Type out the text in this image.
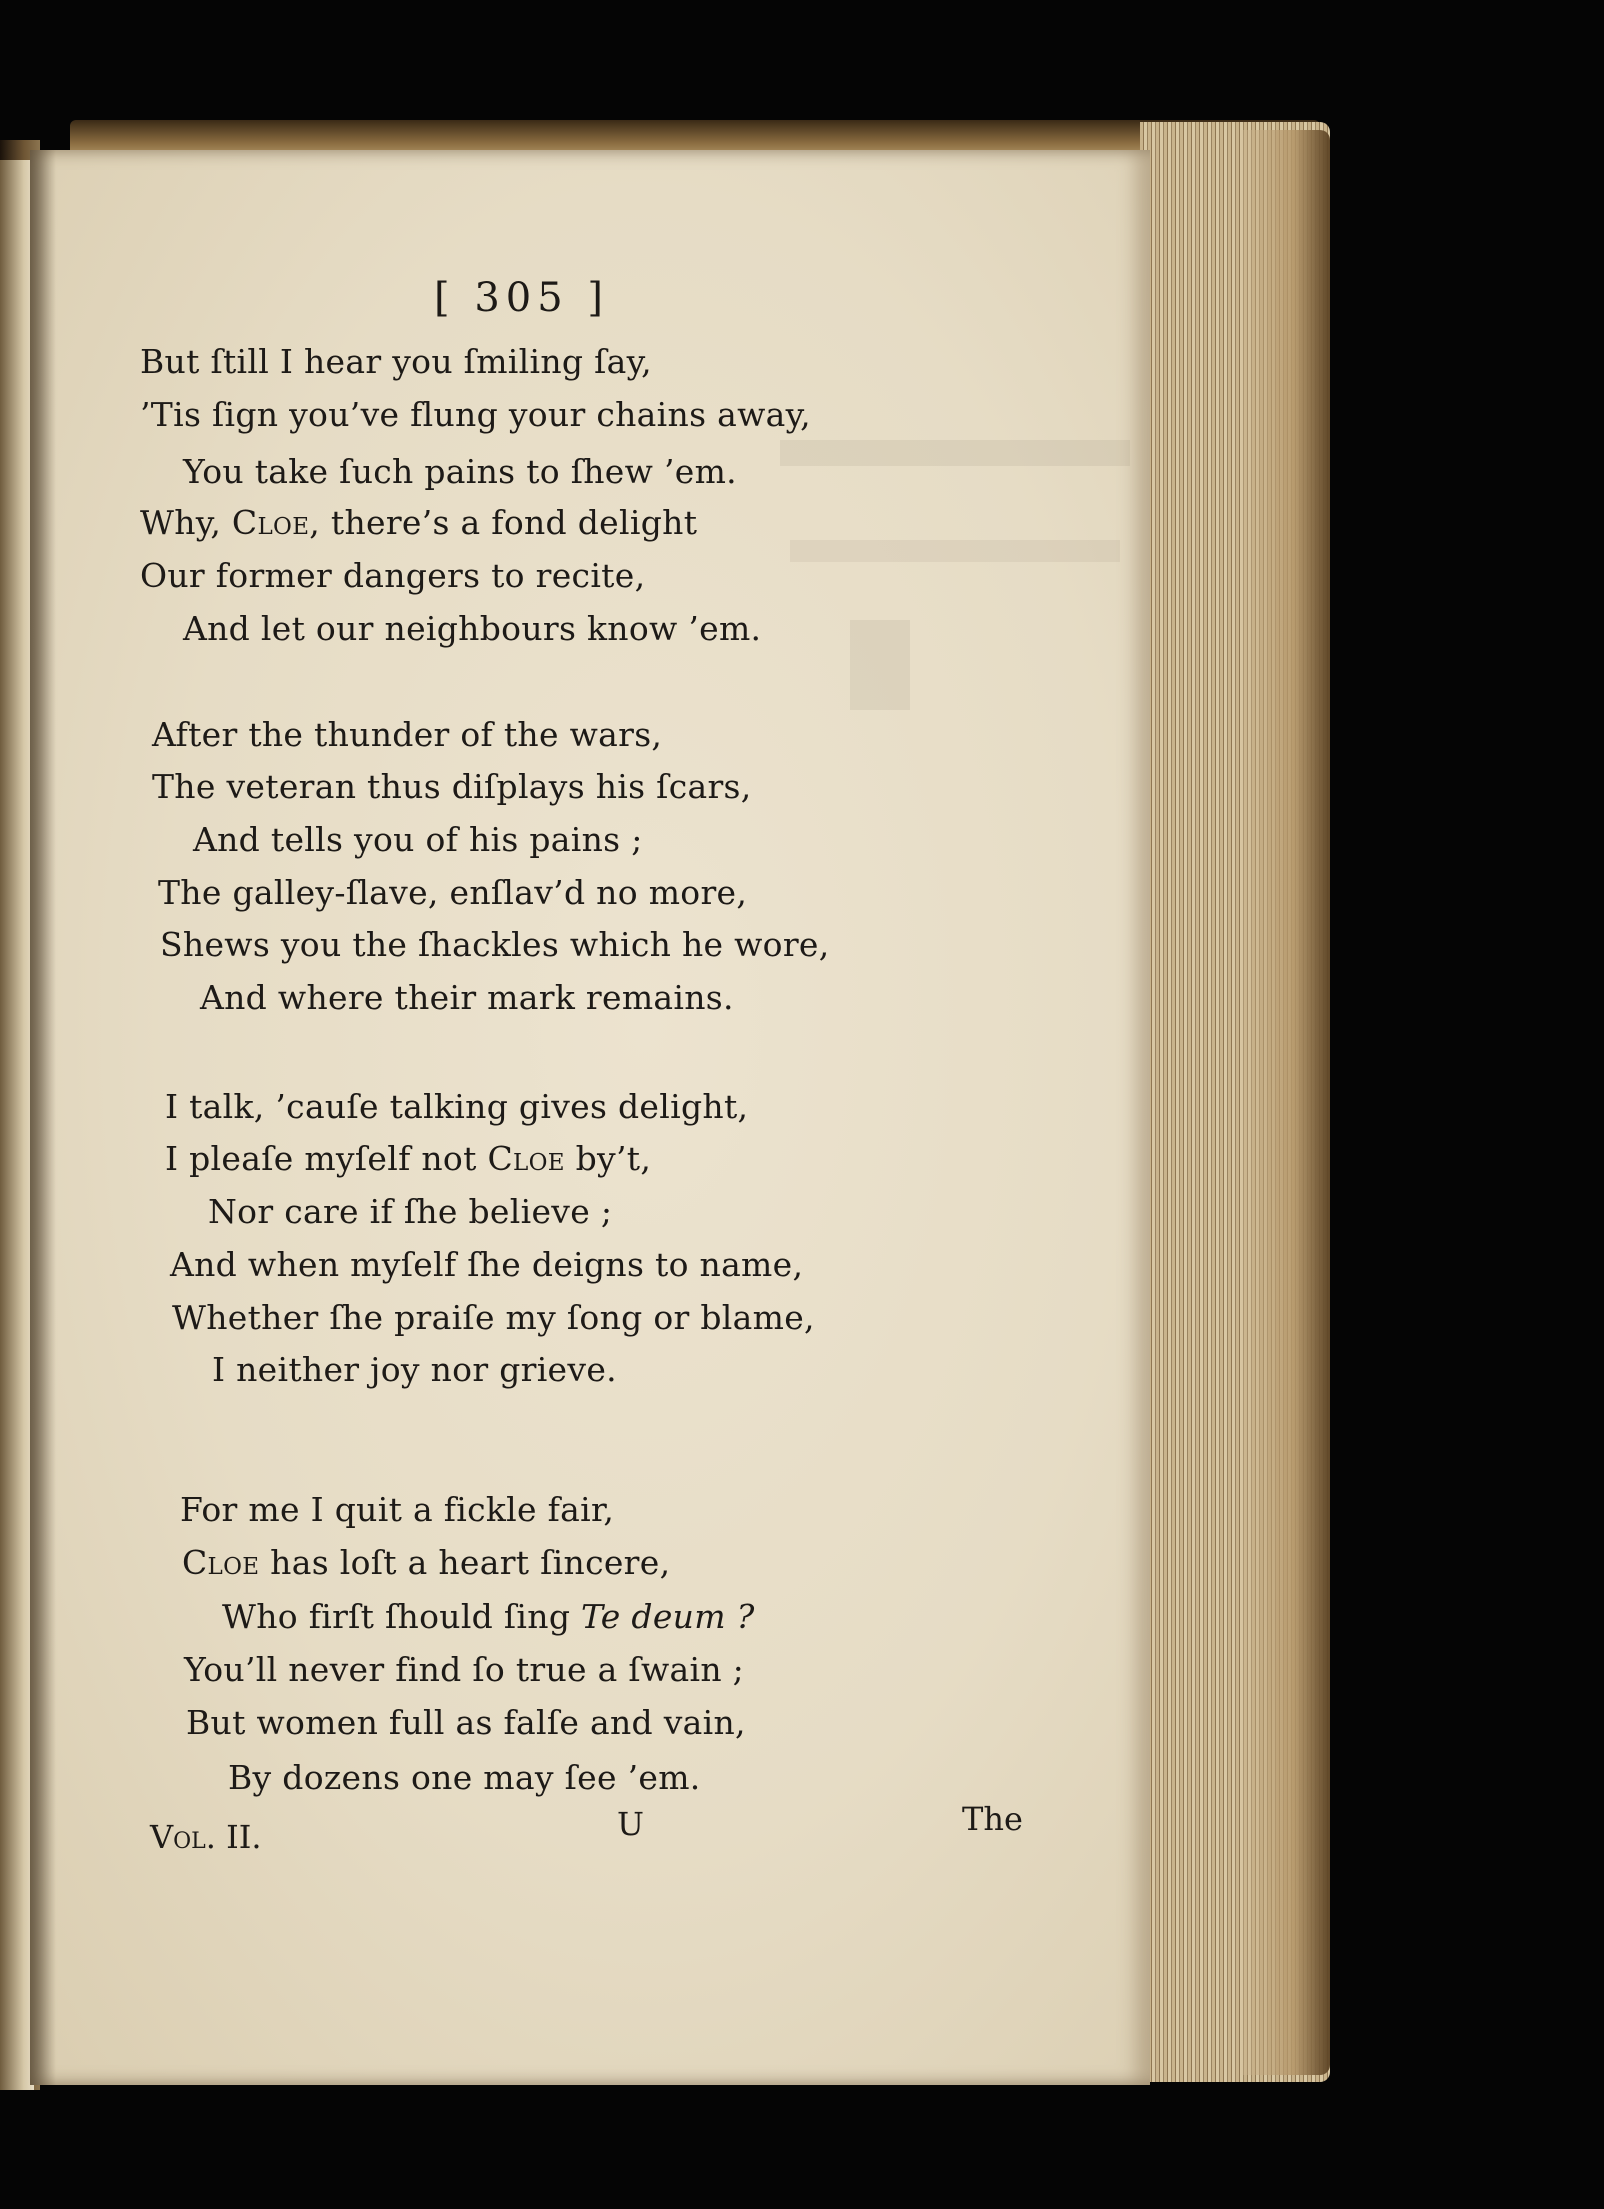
[ 305 ]
But ſtill I hear you ſmiling ſay,
’Tis ſign you’ve flung your chains away,
You take ſuch pains to ſhew ’em.
Why, Cloe, there’s a fond delight
Our former dangers to recite,
And let our neighbours know ’em.
After the thunder of the wars,
The veteran thus diſplays his ſcars,
And tells you of his pains ;
The galley-ſlave, enſlav’d no more,
Shews you the ſhackles which he wore,
And where their mark remains.
I talk, ’cauſe talking gives delight,
I pleaſe myſelf not Cloe by’t,
Nor care if ſhe believe ;
And when myſelf ſhe deigns to name,
Whether ſhe praiſe my ſong or blame,
I neither joy nor grieve.
For me I quit a fickle fair,
Cloe has loſt a heart ſincere,
Who firſt ſhould ſing Te deum ?
You’ll never find ſo true a ſwain ;
But women full as falſe and vain,
By dozens one may ſee ’em.
Vol. II.	U	The
